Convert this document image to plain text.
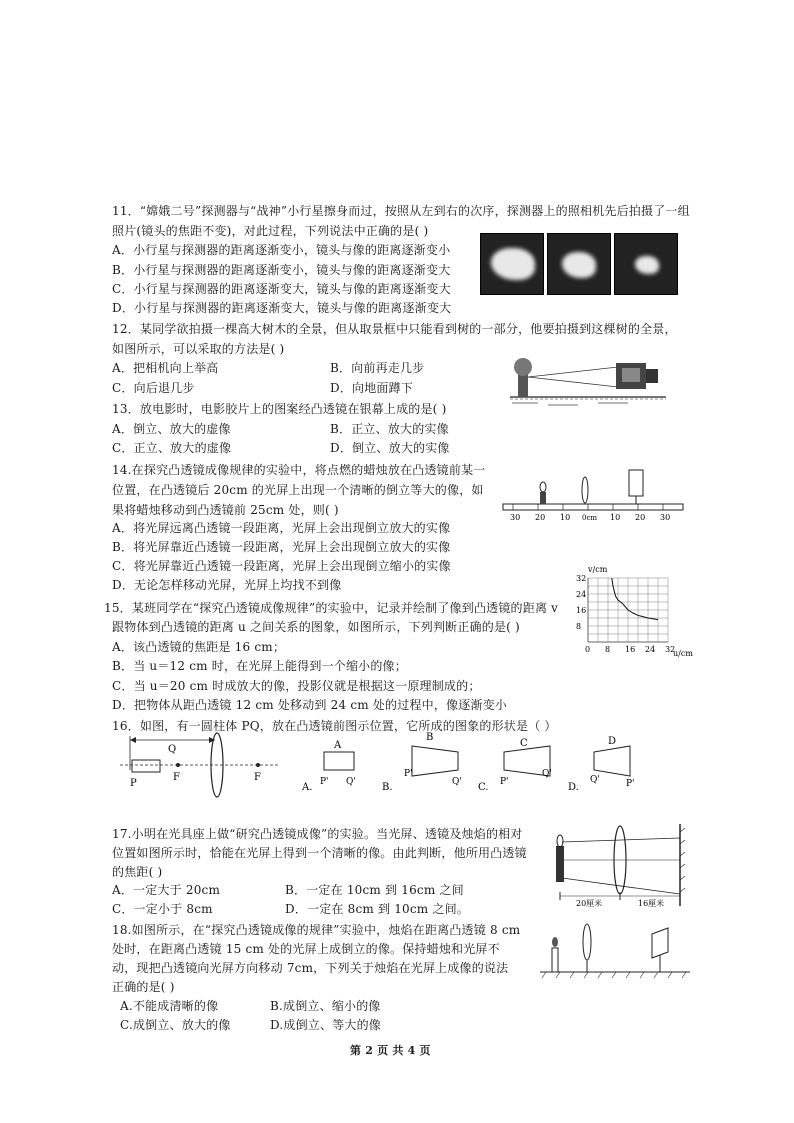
11．“嫦娥二号”探测器与“战神”小行星擦身而过，按照从左到右的次序，探测器上的照相机先后拍摄了一组
照片(镜头的焦距不变)，对此过程，下列说法中正确的是( )
A．小行星与探测器的距离逐渐变小，镜头与像的距离逐渐变小
B．小行星与探测器的距离逐渐变小，镜头与像的距离逐渐变大
C．小行星与探测器的距离逐渐变大，镜头与像的距离逐渐变大
D．小行星与探测器的距离逐渐变大，镜头与像的距离逐渐变大
12．某同学欲拍摄一棵高大树木的全景，但从取景框中只能看到树的一部分，他要拍摄到这棵树的全景，
如图所示，可以采取的方法是( )
A．把相机向上举高	B．向前再走几步
C．向后退几步	D．向地面蹲下
13．放电影时，电影胶片上的图案经凸透镜在银幕上成的是( )
A．倒立、放大的虚像	B．正立、放大的实像
C．正立、放大的虚像	D．倒立、放大的实像
14.在探究凸透镜成像规律的实验中，将点燃的蜡烛放在凸透镜前某一
位置，在凸透镜后 20cm 的光屏上出现一个清晰的倒立等大的像，如
果将蜡烛移动到凸透镜前 25cm 处，则( )
A．将光屏远离凸透镜一段距离，光屏上会出现倒立放大的实像
B．将光屏靠近凸透镜一段距离，光屏上会出现倒立放大的实像
C．将光屏靠近凸透镜一段距离，光屏上会出现倒立缩小的实像
D．无论怎样移动光屏，光屏上均找不到像
30 20 10 0cm 10 20 30
15．某班同学在“探究凸透镜成像规律”的实验中，记录并绘制了像到凸透镜的距离 v
跟物体到凸透镜的距离 u 之间关系的图象，如图所示，下列判断正确的是( )
A．该凸透镜的焦距是 16 cm；
B．当 u＝12 cm 时，在光屏上能得到一个缩小的像；
C．当 u＝20 cm 时成放大的像，投影仪就是根据这一原理制成的；
D．把物体从距凸透镜 12 cm 处移动到 24 cm 处的过程中，像逐渐变小
v/cm
u/cm
0 8 16 24 32
8
16
24
32
16．如图，有一圆柱体 PQ，放在凸透镜前图示位置，它所成的图象的形状是（ ）
Q
P
F	F
A.
A
P' Q'	B.
B
P'
Q' C.
C
P'
Q'
D.
D
Q'	P'
17.小明在光具座上做“研究凸透镜成像”的实验。当光屏、透镜及烛焰的相对
位置如图所示时，恰能在光屏上得到一个清晰的像。由此判断，他所用凸透镜
的焦距( )
A．一定大于 20cm	B．一定在 10cm 到 16cm 之间
C．一定小于 8cm	D．一定在 8cm 到 10cm 之间。	20厘米	16厘米
18.如图所示，在“探究凸透镜成像的规律”实验中，烛焰在距离凸透镜 8 cm
处时，在距离凸透镜 15 cm 处的光屏上成倒立的像。保持蜡烛和光屏不
动，现把凸透镜向光屏方向移动 7cm，下列关于烛焰在光屏上成像的说法
正确的是( )
A.不能成清晰的像	B.成倒立、缩小的像
C.成倒立、放大的像	D.成倒立、等大的像
第 2 页 共 4 页
